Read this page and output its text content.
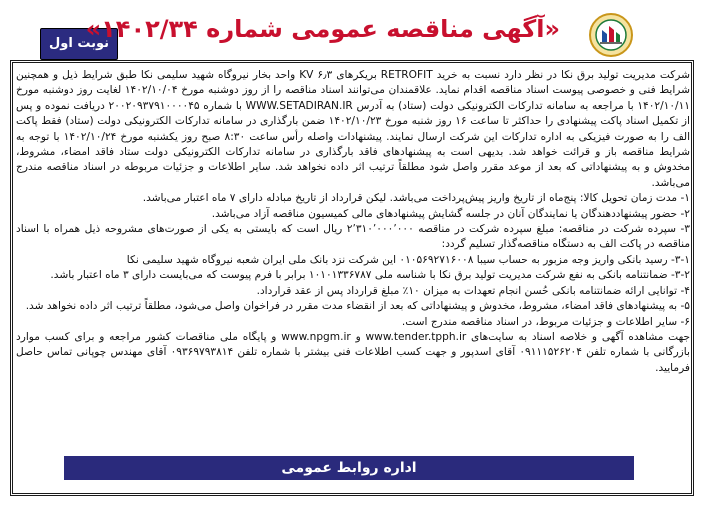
نوبت اول
«آگهی مناقصه عمومی شماره ۱۴۰۲/۳۴»

شرکت مدیریت تولید برق نکا در نظر دارد نسبت به خرید RETROFIT بریکرهای ۶٫۳ KV واحد بخار نیروگاه شهید سلیمی نکا طبق شرایط ذیل و همچنین شرایط فنی و خصوصی پیوست اسناد مناقصه اقدام نماید. علاقمندان می‌توانند اسناد مناقصه را از روز دوشنبه مورخ ۱۴۰۲/۱۰/۰۴ لغایت روز دوشنبه مورخ ۱۴۰۲/۱۰/۱۱ با مراجعه به سامانه تدارکات الکترونیکی دولت (ستاد) به آدرس WWW.SETADIRAN.IR با شماره ۲۰۰۲۰۹۳۷۹۱۰۰۰۰۴۵ دریافت نموده و پس از تکمیل اسناد پاکت پیشنهادی را حداکثر تا ساعت ۱۶ روز شنبه مورخ ۱۴۰۲/۱۰/۲۳ ضمن بارگذاری در سامانه تدارکات الکترونیکی دولت (ستاد) فقط پاکت الف را به صورت فیزیکی به اداره تدارکات این شرکت ارسال نمایند. پیشنهادات واصله رأس ساعت ۸:۳۰ صبح روز یکشنبه مورخ ۱۴۰۲/۱۰/۲۴ با توجه به شرایط مناقصه باز و قرائت خواهد شد. بدیهی است به پیشنهادهای فاقد بارگذاری در سامانه تدارکات الکترونیکی دولت ستاد فاقد امضاء، مشروط، مخدوش و به پیشنهاداتی که بعد از موعد مقرر واصل شود مطلقاً ترتیب اثر داده نخواهد شد. سایر اطلاعات و جزئیات مربوطه در اسناد مناقصه مندرج می‌باشد.

۱- مدت زمان تحویل کالا: پنج‌ماه از تاریخ واریز پیش‌پرداخت می‌باشد. لیکن قرارداد از تاریخ مبادله دارای ۷ ماه اعتبار می‌باشد.

۲- حضور پیشنهاددهندگان یا نمایندگان آنان در جلسه گشایش پیشنهادهای مالی کمیسیون مناقصه آزاد می‌باشد.

۳- سپرده شرکت در مناقصه: مبلغ سپرده شرکت در مناقصه ۲٬۳۱۰٬۰۰۰٬۰۰۰ ریال است که بایستی به یکی از صورت‌های مشروحه ذیل همراه با اسناد مناقصه در پاکت الف به دستگاه مناقصه‌گذار تسلیم گردد:

۳-۱- رسید بانکی واریز وجه مزبور به حساب سیبا ۰۱۰۵۶۹۲۷۱۶۰۰۸ این شرکت نزد بانک ملی ایران شعبه نیروگاه شهید سلیمی نکا

۳-۲- ضمانتنامه بانکی به نفع شرکت مدیریت تولید برق نکا با شناسه ملی ۱۰۱۰۱۳۳۶۷۸۷ برابر با فرم پیوست که می‌بایست دارای ۳ ماه اعتبار باشد.

۴- توانایی ارائه ضمانتنامه بانکی حُسن انجام تعهدات به میزان ۱۰٪ مبلغ قرارداد پس از عقد قرارداد.

۵- به پیشنهادهای فاقد امضاء، مشروط، مخدوش و پیشنهاداتی که بعد از انقضاء مدت مقرر در فراخوان واصل می‌شود، مطلقاً ترتیب اثر داده نخواهد شد.

۶- سایر اطلاعات و جزئیات مربوط، در اسناد مناقصه مندرج است.

جهت مشاهده آگهی و خلاصه اسناد به سایت‌های www.tender.tpph.ir و www.npgm.ir و پایگاه ملی مناقصات کشور مراجعه و برای کسب موارد بازرگانی با شماره تلفن ۰۹۱۱۱۵۲۶۲۰۴ آقای اسدپور و جهت کسب اطلاعات فنی بیشتر با شماره تلفن ۰۹۳۶۹۷۹۳۸۱۴ آقای مهندس چوپانی تماس حاصل فرمایید.

اداره روابط عمومی
